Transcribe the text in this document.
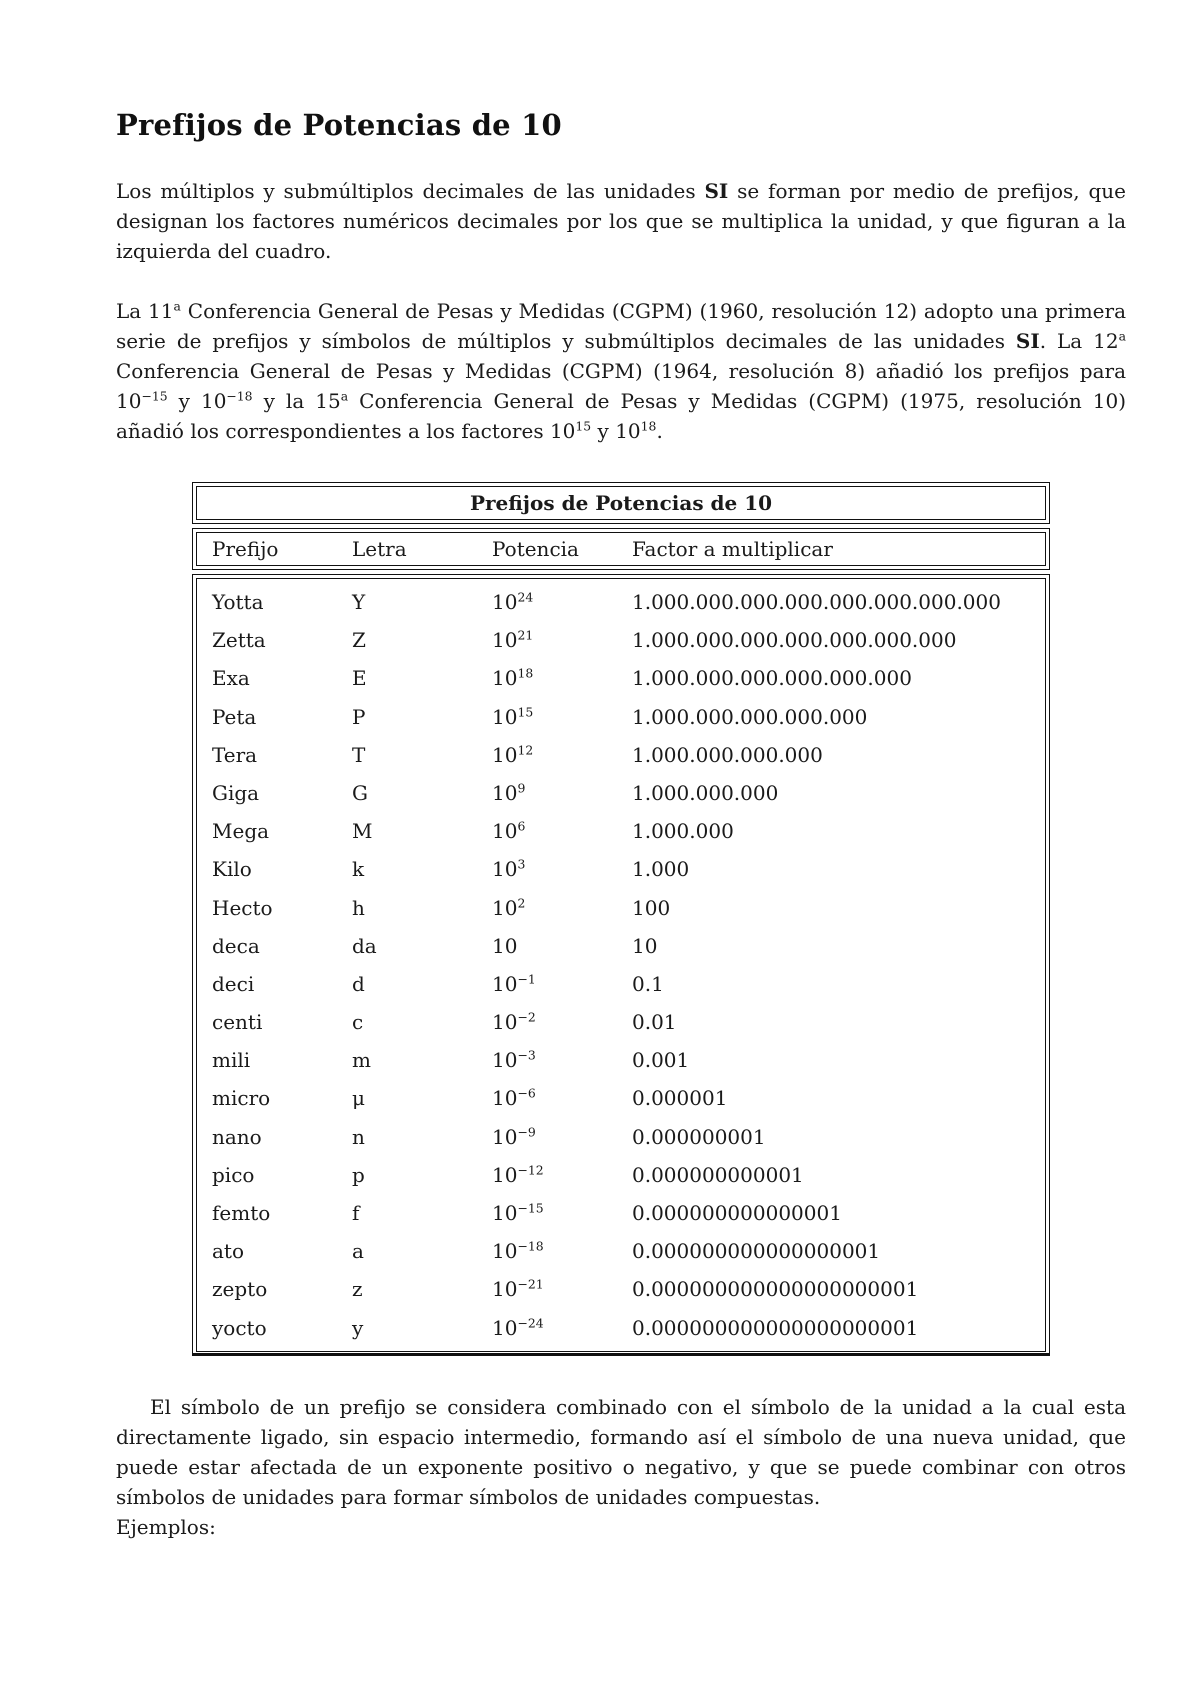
Prefijos de Potencias de 10

Los múltiplos y submúltiplos decimales de las unidades SI se forman por medio de prefijos, que designan los factores numéricos decimales por los que se multiplica la unidad, y que figuran a la izquierda del cuadro.

La 11$^a$ Conferencia General de Pesas y Medidas (CGPM) (1960, resolución 12) adopto una primera serie de prefijos y símbolos de múltiplos y submúltiplos decimales de las unidades SI. La 12$^a$ Conferencia General de Pesas y Medidas (CGPM) (1964, resolución 8) añadió los prefijos para $10^{-15}$ y $10^{-18}$ y la 15$^a$ Conferencia General de Pesas y Medidas (CGPM) (1975, resolución 10) añadió los correspondientes a los factores $10^{15}$ y $10^{18}$.

Prefijos de Potencias de 10
Prefijo	Letra	Potencia	Factor a multiplicar
Yotta	Y	$10^{24}$	1.000.000.000.000.000.000.000.000
Zetta	Z	$10^{21}$	1.000.000.000.000.000.000.000
Exa	E	$10^{18}$	1.000.000.000.000.000.000
Peta	P	$10^{15}$	1.000.000.000.000.000
Tera	T	$10^{12}$	1.000.000.000.000
Giga	G	$10^9$	1.000.000.000
Mega	M	$10^6$	1.000.000
Kilo	k	$10^3$	1.000
Hecto	h	$10^2$	100
deca	da	10	10
deci	d	$10^{-1}$	0.1
centi	c	$10^{-2}$	0.01
mili	m	$10^{-3}$	0.001
micro	μ	$10^{-6}$	0.000001
nano	n	$10^{-9}$	0.000000001
pico	p	$10^{-12}$	0.000000000001
femto	f	$10^{-15}$	0.000000000000001
ato	a	$10^{-18}$	0.000000000000000001
zepto	z	$10^{-21}$	0.000000000000000000001
yocto	y	$10^{-24}$	0.000000000000000000001

El símbolo de un prefijo se considera combinado con el símbolo de la unidad a la cual esta directamente ligado, sin espacio intermedio, formando así el símbolo de una nueva unidad, que puede estar afectada de un exponente positivo o negativo, y que se puede combinar con otros símbolos de unidades para formar símbolos de unidades compuestas.

Ejemplos:
